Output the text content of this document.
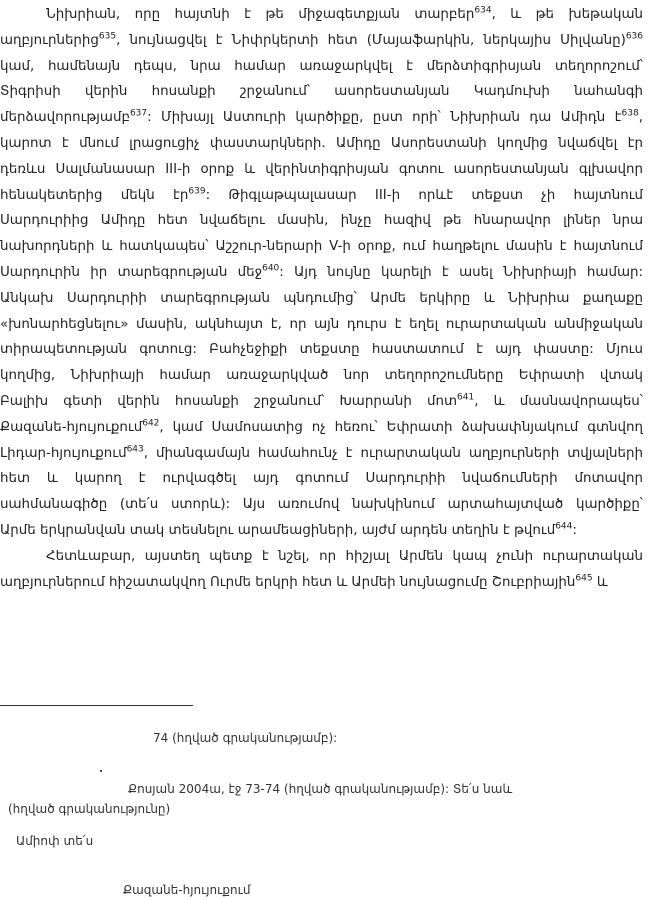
Նիխրիան, որը հայտնի է թե միջագետքյան տարբեր$^{634}$, և թե խեթական
աղբյուրներից$^{635}$, նույնացվել է Նիփրկերտի հետ (Մայաֆարկին, ներկայիս Սիլվանը)$^{636}$
կամ, համենայն դեպս, նրա համար առաջարկվել է մերձտիգրիսյան տեղորոշում՝
Տիգրիսի վերին հոսանքի շրջանում՝ ասորեստանյան Կադմուխի նահանգի
մերձավորությամբ$^{637}$: Միխայլ Աստուրի կարծիքը, ըստ որի՝ Նիխրիան դա Ամիդն է$^{638}$,
կարոտ է մնում լրացուցիչ փաստարկների. Ամիդը Ասորեստանի կողմից նվաճվել էր
դեռևս Սալմանասար III-ի օրոք և վերինտիգրիսյան գոտու ասորեստանյան գլխավոր
հենակետերից մեկն էր$^{639}$: Թիգլաթպալասար III-ի որևէ տեքստ չի հայտնում
Սարդուրիից Ամիդը հետ նվաճելու մասին, ինչը հազիվ թե հնարավոր լիներ նրա
նախորդների և հատկապես՝ Աշշուր-ներարի V-ի օրոք, ում հաղթելու մասին է հայտնում
Սարդուրին իր տարեգրության մեջ$^{640}$: Այդ նույնը կարելի է ասել Նիխրիայի համար:
Անկախ Սարդուրիի տարեգրության պնդումից՝ Արմե երկիրը և Նիխրիա քաղաքը
«խոնարհեցնելու» մասին, ակնհայտ է, որ այն դուրս է եղել ուրարտական անմիջական
տիրապետության գոտուց: Բահչեջիքի տեքստը հաստատում է այդ փաստը: Մյուս
կողմից, Նիխրիայի համար առաջարկված նոր տեղորոշումները Եփրատի վտակ
Բալիխ գետի վերին հոսանքի շրջանում՝ Խարրանի մոտ$^{641}$, և մասնավորապես՝
Քազանե-հյույուքում$^{642}$, կամ Սամոսատից ոչ հեռու՝ Եփրատի ձախափնյակում գտնվող
Լիդար-հյույուքում$^{643}$, միանգամայն համահունչ է ուրարտական աղբյուրների տվյալների
հետ և կարող է ուրվագծել այդ գոտում Սարդուրիի նվաճումների մոտավոր
սահմանագիծը (տե՛ս ստորև): Այս առումով նախկինում արտահայտված կարծիքը՝
Արմե երկրանվան տակ տեսնելու արամեացիների, այժմ արդեն տեղին է թվում$^{644}$:
Հետևաբար, այստեղ պետք է նշել, որ հիշյալ Արմեն կապ չունի ուրարտական
աղբյուրներում հիշատակվող Ուրմե երկրի հետ և Արմեի նույնացումը Շուբրիային$^{645}$ և
74 (հղված գրականությամբ):
Քոսյան 2004ա, էջ 73-74 (հղված գրականությամբ): Տե՛ս նաև
(հղված գրականությունը)
Ամիոփ տե՛ս
Քազանե-հյույուքում
